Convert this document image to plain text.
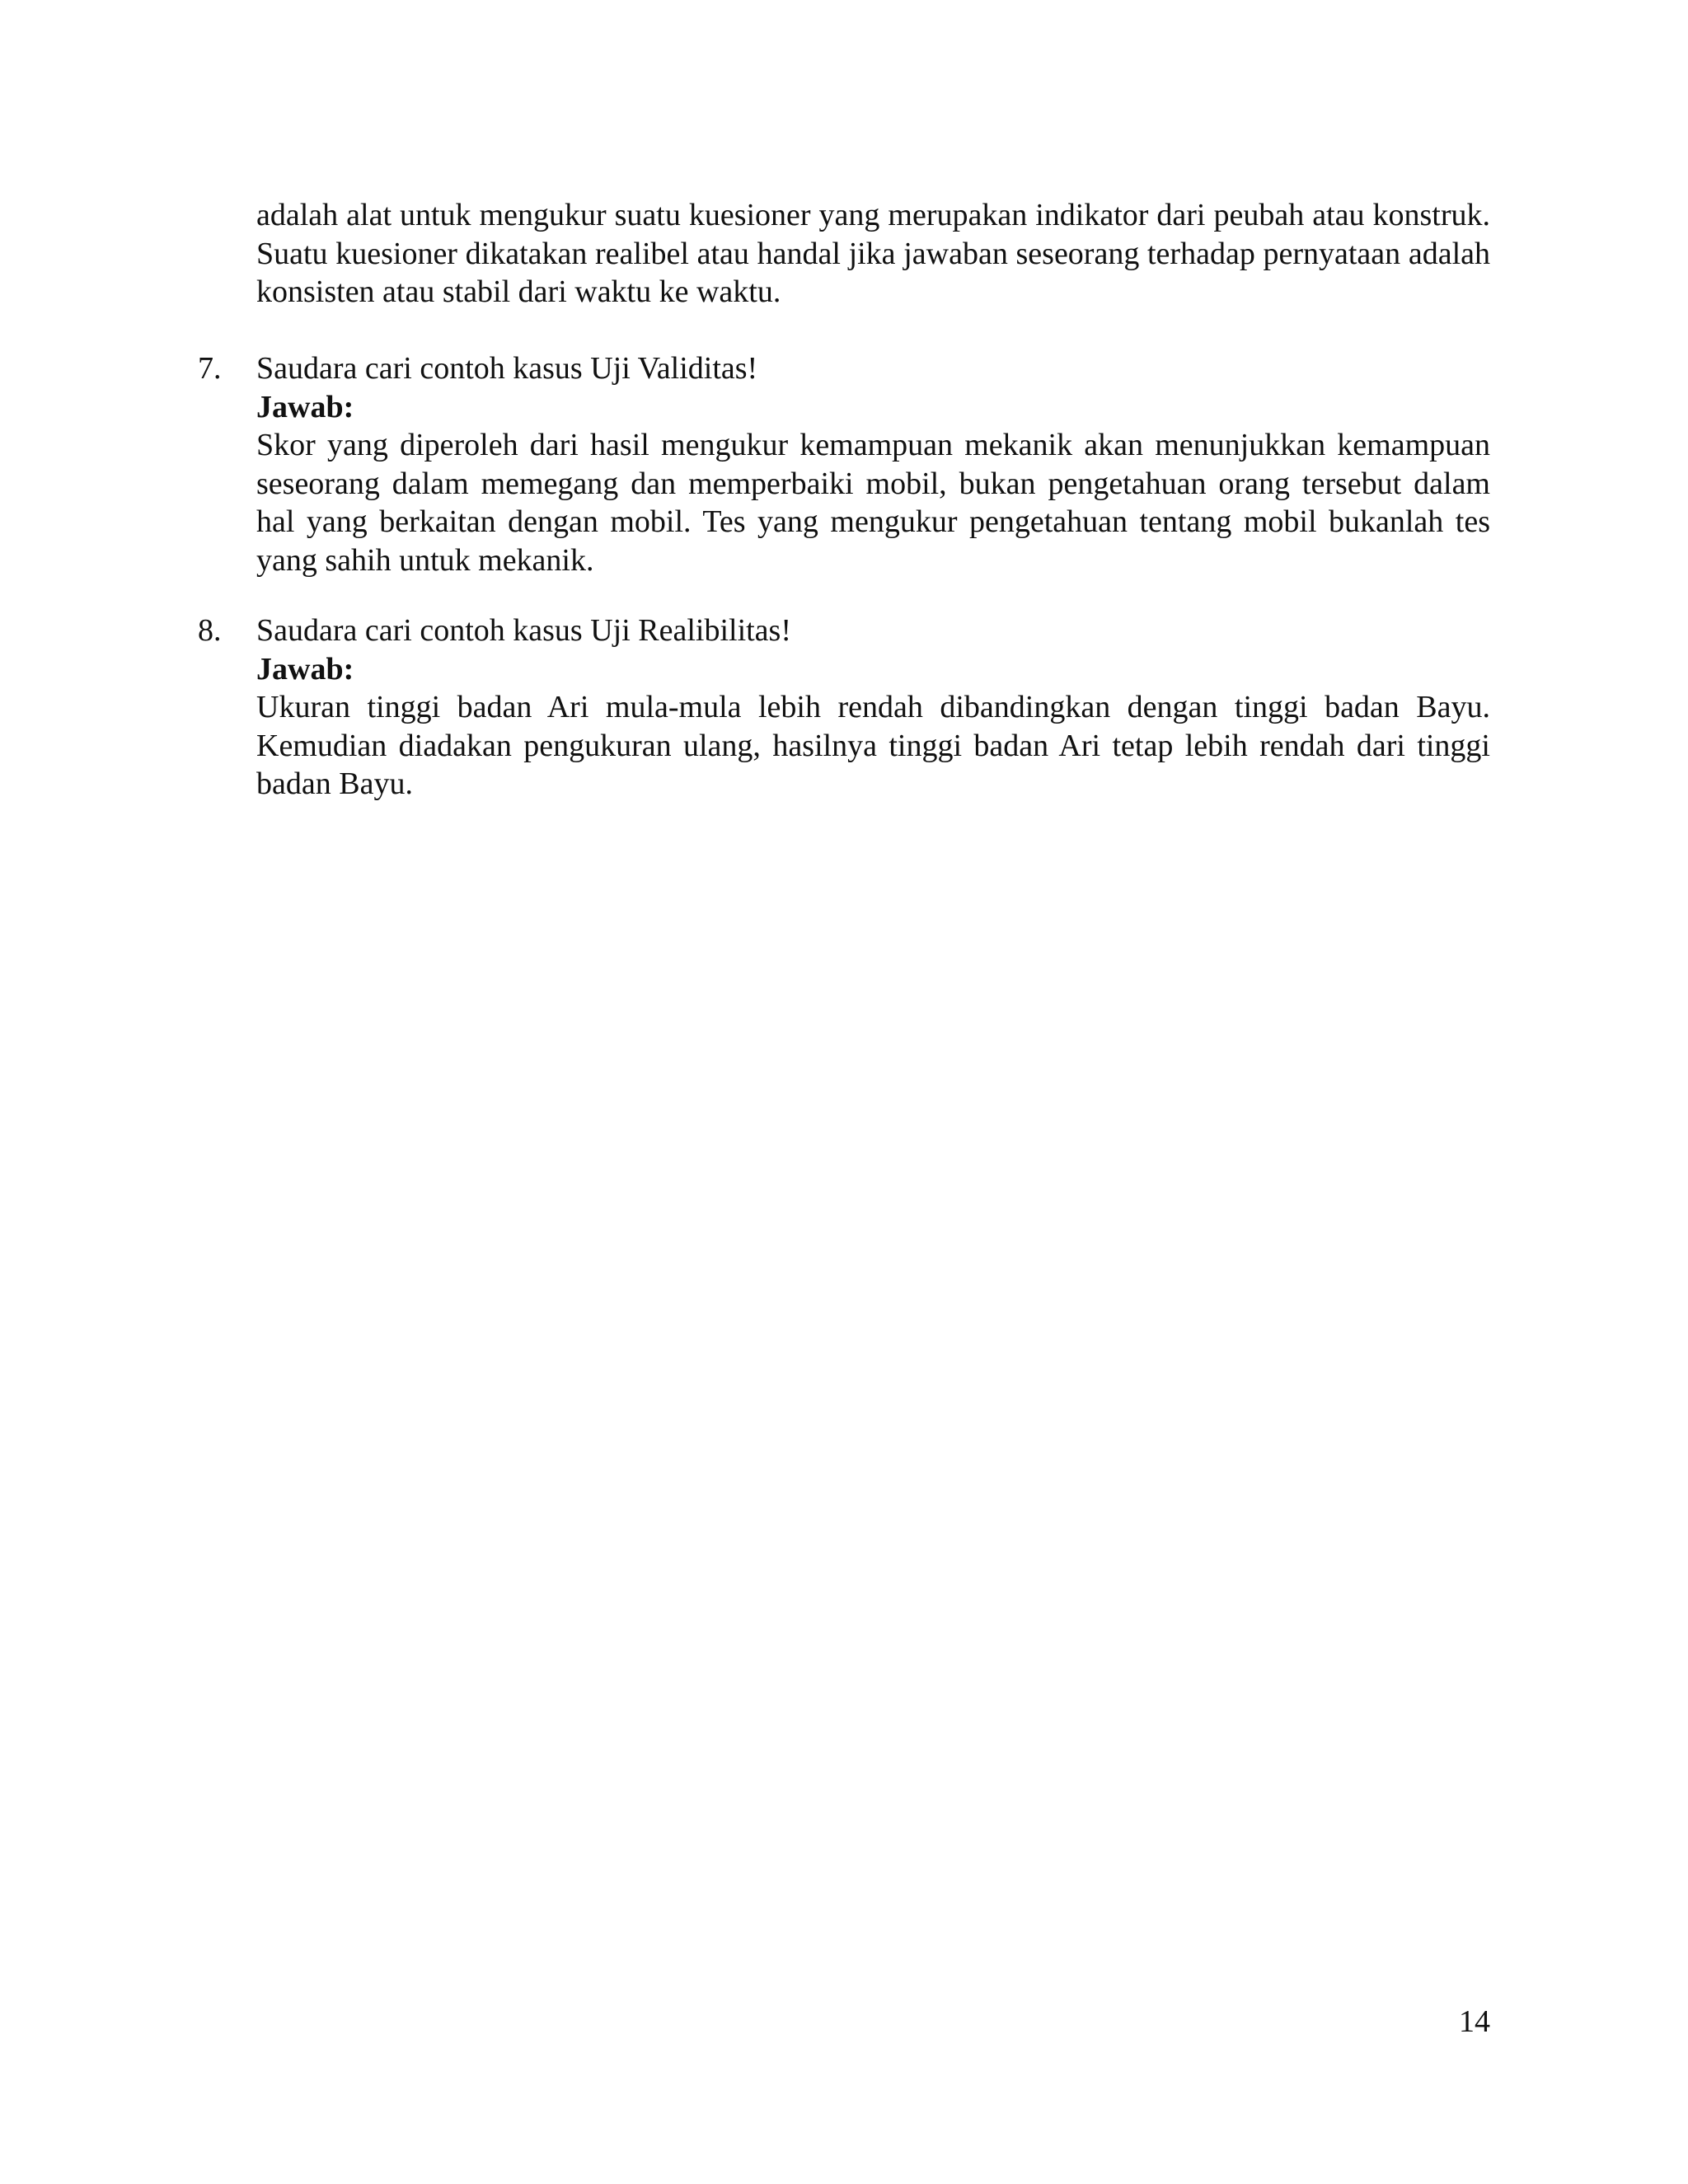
adalah alat untuk mengukur suatu kuesioner yang merupakan indikator dari peubah atau konstruk. Suatu kuesioner dikatakan realibel atau handal jika jawaban seseorang terhadap pernyataan adalah konsisten atau stabil dari waktu ke waktu.

7.	Saudara cari contoh kasus Uji Validitas!

Jawab:

Skor yang diperoleh dari hasil mengukur kemampuan mekanik akan menunjukkan kemampuan seseorang dalam memegang dan memperbaiki mobil, bukan pengetahuan orang tersebut dalam hal yang berkaitan dengan mobil. Tes yang mengukur pengetahuan tentang mobil bukanlah tes yang sahih untuk mekanik.

8.	Saudara cari contoh kasus Uji Realibilitas!

Jawab:

Ukuran tinggi badan Ari mula-mula lebih rendah dibandingkan dengan tinggi badan Bayu. Kemudian diadakan pengukuran ulang, hasilnya tinggi badan Ari tetap lebih rendah dari tinggi badan Bayu.

14
